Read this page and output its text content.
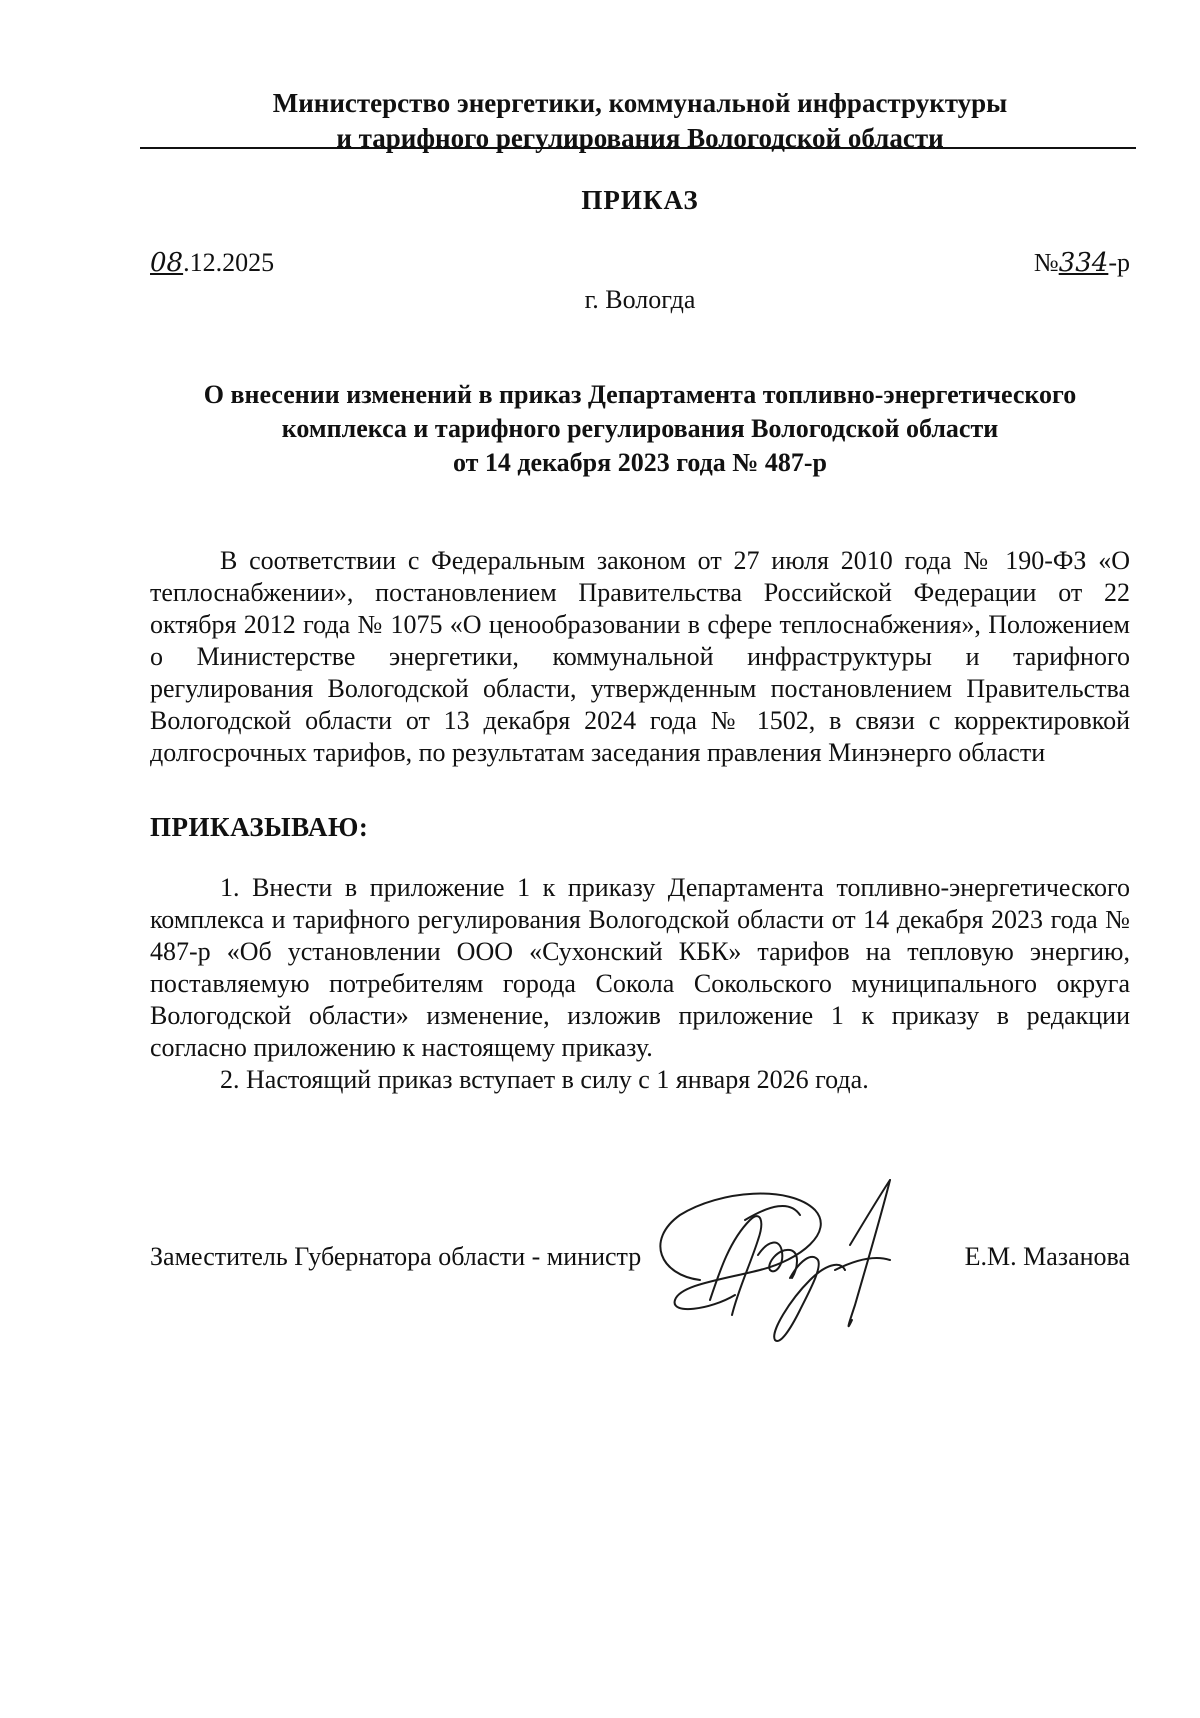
Министерство энергетики, коммунальной инфраструктуры
и тарифного регулирования Вологодской области
ПРИКАЗ
08.12.2025	№334-р
г. Вологда
О внесении изменений в приказ Департамента топливно-энергетического
комплекса и тарифного регулирования Вологодской области
от 14 декабря 2023 года № 487-р

В соответствии с Федеральным законом от 27 июля 2010 года № 190-ФЗ «О теплоснабжении», постановлением Правительства Российской Федерации от 22 октября 2012 года № 1075 «О ценообразовании в сфере теплоснабжения», Положением о Министерстве энергетики, коммунальной инфраструктуры и тарифного регулирования Вологодской области, утвержденным постановлением Правительства Вологодской области от 13 декабря 2024 года № 1502, в связи с корректировкой долгосрочных тарифов, по результатам заседания правления Минэнерго области

ПРИКАЗЫВАЮ:

1. Внести в приложение 1 к приказу Департамента топливно-энергетического комплекса и тарифного регулирования Вологодской области от 14 декабря 2023 года № 487-р «Об установлении ООО «Сухонский КБК» тарифов на тепловую энергию, поставляемую потребителям города Сокола Сокольского муниципального округа Вологодской области» изменение, изложив приложение 1 к приказу в редакции согласно приложению к настоящему приказу.

2. Настоящий приказ вступает в силу с 1 января 2026 года.

Заместитель Губернатора области - министр	Е.М. Мазанова
